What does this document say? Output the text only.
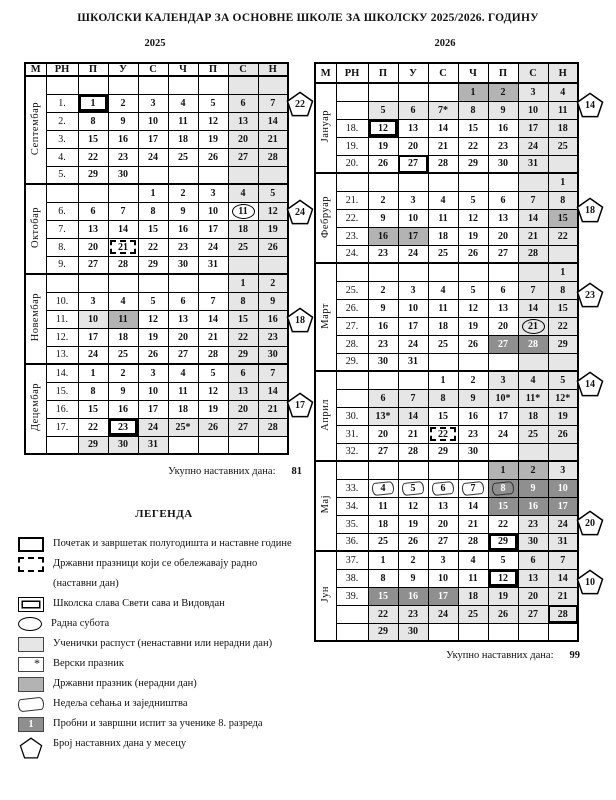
ШКОЛСКИ КАЛЕНДАР ЗА ОСНОВНЕ ШКОЛЕ ЗА ШКОЛСКУ 2025/2026. ГОДИНУ
2025	2026
М	РН	П	У	С	Ч	П	С	Н
Септембар								
	1.	1	2	3	4	5	6	7
	2.	8	9	10	11	12	13	14
	3.	15	16	17	18	19	20	21
	4.	22	23	24	25	26	27	28
	5.	29	30					
Октобар				1	2	3	4	5
	6.	6	7	8	9	10	11	12
	7.	13	14	15	16	17	18	19
	8.	20	21	22	23	24	25	26
	9.	27	28	29	30	31		
Новембар							1	2
	10.	3	4	5	6	7	8	9
	11.	10	11	12	13	14	15	16
	12.	17	18	19	20	21	22	23
	13.	24	25	26	27	28	29	30
Децембар	14.	1	2	3	4	5	6	7
	15.	8	9	10	11	12	13	14
	16.	15	16	17	18	19	20	21
	17.	22	23	24	25*	26	27	28
		29	30	31				
М	РН	П	У	С	Ч	П	С	Н
Јануар					1	2	3	4
		5	6	7*	8	9	10	11
	18.	12	13	14	15	16	17	18
	19.	19	20	21	22	23	24	25
	20.	26	27	28	29	30	31	
Фебруар								1
	21.	2	3	4	5	6	7	8
	22.	9	10	11	12	13	14	15
	23.	16	17	18	19	20	21	22
	24.	23	24	25	26	27	28	
Март								1
	25.	2	3	4	5	6	7	8
	26.	9	10	11	12	13	14	15
	27.	16	17	18	19	20	21	22
	28.	23	24	25	26	27	28	29
	29.	30	31					
Април				1	2	3	4	5
		6	7	8	9	10*	11*	12*
	30.	13*	14	15	16	17	18	19
	31.	20	21	22	23	24	25	26
	32.	27	28	29	30			
Мај						1	2	3
	33.	4	5	6	7	8	9	10
	34.	11	12	13	14	15	16	17
	35.	18	19	20	21	22	23	24
	36.	25	26	27	28	29	30	31
Јун	37.	1	2	3	4	5	6	7
	38.	8	9	10	11	12	13	14
	39.	15	16	17	18	19	20	21
		22	23	24	25	26	27	28
		29	30					
Укупно наставних дана: 81
Укупно наставних дана: 99
ЛЕГЕНДА
Почетак и завршетак полугодишта и наставне године
Државни празници који се обележавају радно
(наставни дан)
Школска слава Свети сава и Видовдан
Радна субота
Ученички распуст (ненаставни или нерадни дан)
*	Верски празник
Државни празник (нерадни дан)
Недеља сећања и заједништва
1	Пробни и завршни испит за ученике 8. разреда
Број наставних дана у месецу
22
24
18
17
14
18
23
14
20
10
